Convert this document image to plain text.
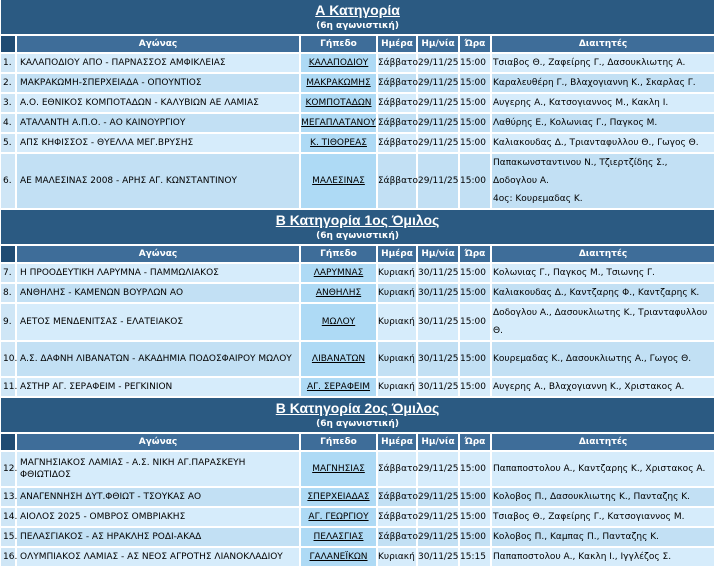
Α Κατηγορία
(6η αγωνιστική)						

	Αγώνας	Γήπεδο	Ημέρα	Ημ/νία	Ώρα	Διαιτητές
1.	ΚΑΛΑΠΟΔΙΟΥ ΑΠΟ - ΠΑΡΝΑΣΣΟΣ ΑΜΦΙΚΛΕΙΑΣ	ΚΑΛΑΠΟΔΙΟΥ	Σάββατο	29/11/25	15:00	Τσιαβος Θ., Ζαφείρης Γ., Δασουκλιωτης Α.

2.	ΜΑΚΡΑΚΩΜΗ-ΣΠΕΡΧΕΙΑΔΑ - ΟΠΟΥΝΤΙΟΣ	ΜΑΚΡΑΚΩΜΗΣ	Σάββατο	29/11/25	15:00	Καραλευθέρη Γ., Βλαχογιαννη Κ., Σκαρλας Γ.

3.	Α.Ο. ΕΘΝΙΚΟΣ ΚΟΜΠΟΤΑΔΩΝ - ΚΑΛΥΒΙΩΝ ΑΕ ΛΑΜΙΑΣ	ΚΟΜΠΟΤΑΔΩΝ	Σάββατο	29/11/25	15:00	Αυγερης Α., Κατσογιαννος Μ., Κακλη Ι.

4.	ΑΤΑΛΑΝΤΗ Α.Π.Ο. - ΑΟ ΚΑΙΝΟΥΡΓΙΟΥ	ΜΕΓΑΠΛΑΤΑΝΟΥ	Σάββατο	29/11/25	15:00	Λαθύρης Ε., Κολωνιας Γ., Παγκος Μ.

5.	ΑΠΣ ΚΗΦΙΣΣΟΣ - ΘΥΕΛΛΑ ΜΕΓ.ΒΡΥΣΗΣ	Κ. ΤΙΘΟΡΕΑΣ	Σάββατο	29/11/25	15:00	Καλιακουδας Δ., Τριανταφυλλου Θ., Γωγος Θ.

6.	ΑΕ ΜΑΛΕΣΙΝΑΣ 2008 - ΑΡΗΣ ΑΓ. ΚΩΝΣΤΑΝΤΙΝΟΥ	ΜΑΛΕΣΙΝΑΣ	Σάββατο	29/11/25	15:00	Παπακωνσταντινου Ν., Τζιερτζίδης Σ., Δοδογλου Α.
4ος: Κουρεμαδας Κ.

Β Κατηγορία 1ος Όμιλος
(6η αγωνιστική)						

	Αγώνας	Γήπεδο	Ημέρα	Ημ/νία	Ώρα	Διαιτητές
7.	Η ΠΡΟΟΔΕΥΤΙΚΗ ΛΑΡΥΜΝΑ - ΠΑΜΜΩΛΙΑΚΟΣ	ΛΑΡΥΜΝΑΣ	Κυριακή	30/11/25	15:00	Κολωνιας Γ., Παγκος Μ., Τσιωνης Γ.

8.	ΑΝΘΗΛΗΣ - ΚΑΜΕΝΩΝ ΒΟΥΡΛΩΝ ΑΟ	ΑΝΘΗΛΗΣ	Κυριακή	30/11/25	15:00	Καλιακουδας Δ., Καντζαρης Φ., Καντζαρης Κ.

9.	ΑΕΤΟΣ ΜΕΝΔΕΝΙΤΣΑΣ - ΕΛΑΤΕΙΑΚΟΣ	ΜΩΛΟΥ	Κυριακή	30/11/25	15:00	Δοδογλου Α., Δασουκλιωτης Κ., Τριανταφυλλου Θ.

10.	Α.Σ. ΔΑΦΝΗ ΛΙΒΑΝΑΤΩΝ - ΑΚΑΔΗΜΙΑ ΠΟΔΟΣΦΑΙΡΟΥ ΜΩΛΟΥ	ΛΙΒΑΝΑΤΩΝ	Κυριακή	30/11/25	15:00	Κουρεμαδας Κ., Δασουκλιωτης Α., Γωγος Θ.

11.	ΑΣΤΗΡ ΑΓ. ΣΕΡΑΦΕΙΜ - ΡΕΓΚΙΝΙΟΝ	ΑΓ. ΣΕΡΑΦΕΙΜ	Κυριακή	30/11/25	15:00	Αυγερης Α., Βλαχογιαννη Κ., Χριστακος Α.

Β Κατηγορία 2ος Όμιλος
(6η αγωνιστική)						

	Αγώνας	Γήπεδο	Ημέρα	Ημ/νία	Ώρα	Διαιτητές
12.	ΜΑΓΝΗΣΙΑΚΟΣ ΛΑΜΙΑΣ - Α.Σ. ΝΙΚΗ ΑΓ.ΠΑΡΑΣΚΕΥΗ ΦΘΙΩΤΙΔΟΣ	ΜΑΓΝΗΣΙΑΣ	Σάββατο	29/11/25	15:00	Παπαποστολου Α., Καντζαρης Κ., Χριστακος Α.

13.	ΑΝΑΓΕΝΝΗΣΗ ΔΥΤ.ΦΘΙΩΤ - ΤΣΟΥΚΑΣ ΑΟ	ΣΠΕΡΧΕΙΑΔΑΣ	Σάββατο	29/11/25	15:00	Κολοβος Π., Δασουκλιωτης Κ., Πανταζης Κ.

14.	ΑΙΟΛΟΣ 2025 - ΟΜΒΡΟΣ ΟΜΒΡΙΑΚΗΣ	ΑΓ. ΓΕΩΡΓΙΟΥ	Σάββατο	29/11/25	15:00	Τσιαβος Θ., Ζαφείρης Γ., Κατσογιαννος Μ.

15.	ΠΕΛΑΣΓΙΑΚΟΣ - ΑΣ ΗΡΑΚΛΗΣ ΡΟΔΙ-ΑΚΑΔ	ΠΕΛΑΣΓΙΑΣ	Σάββατο	29/11/25	15:00	Κολοβος Π., Καμπας Π., Πανταζης Κ.

16.	ΟΛΥΜΠΙΑΚΟΣ ΛΑΜΙΑΣ - ΑΣ ΝΕΟΣ ΑΓΡΟΤΗΣ ΛΙΑΝΟΚΛΑΔΙΟΥ	ΓΑΛΑΝΕΪΚΩΝ	Κυριακή	30/11/25	15:15	Παπαποστολου Α., Κακλη Ι., Ιγγλέζος Σ.
